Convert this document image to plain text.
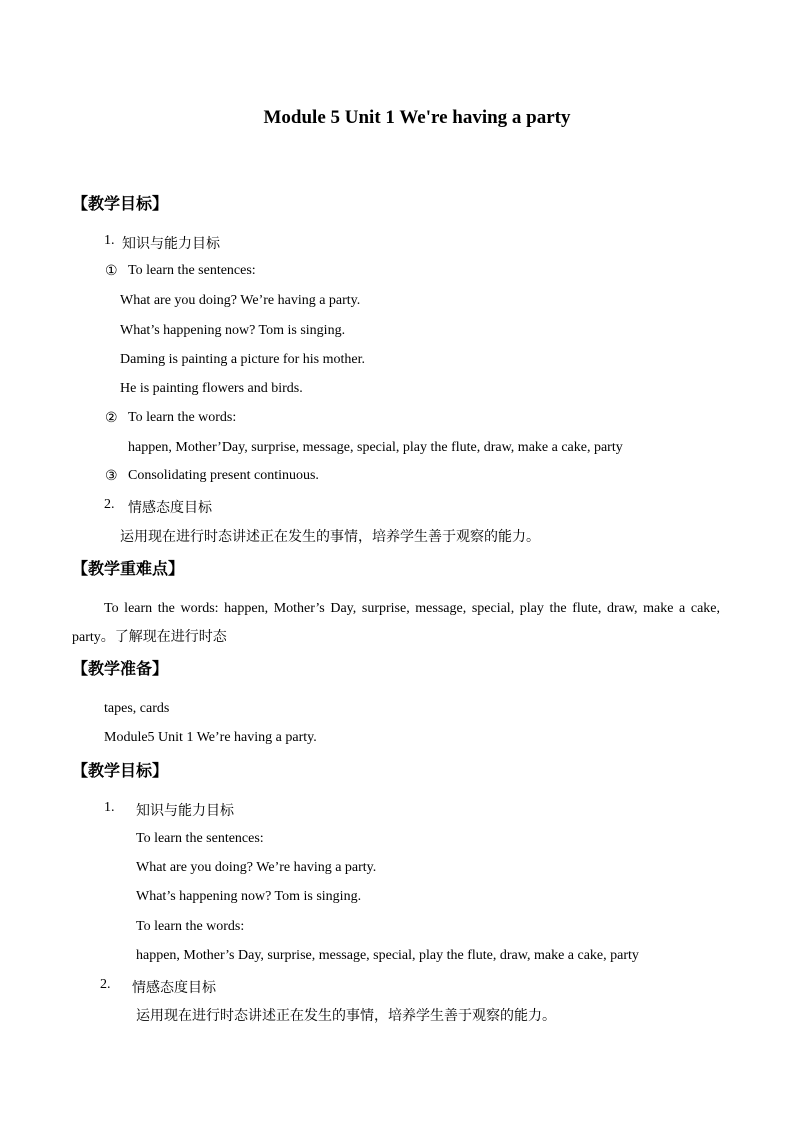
Module 5 Unit 1 We're having a party
【教学目标】
1. 知识与能力目标
① To learn the sentences:
What are you doing? We’re having a party.
What’s happening now? Tom is singing.
Daming is painting a picture for his mother.
He is painting flowers and birds.
② To learn the words:
happen, Mother’Day, surprise, message, special, play the flute, draw, make a cake, party
③ Consolidating present continuous.
2. 情感态度目标
运用现在进行时态讲述正在发生的事情，培养学生善于观察的能力。
【教学重难点】
To learn the words: happen, Mother’s Day, surprise, message, special, play the flute, draw, make a cake, party。了解现在进行时态
【教学准备】
tapes, cards
Module5 Unit 1 We’re having a party.
【教学目标】
1. 知识与能力目标
To learn the sentences:
What are you doing? We’re having a party.
What’s happening now? Tom is singing.
To learn the words:
happen, Mother’s Day, surprise, message, special, play the flute, draw, make a cake, party
2. 情感态度目标
运用现在进行时态讲述正在发生的事情，培养学生善于观察的能力。
